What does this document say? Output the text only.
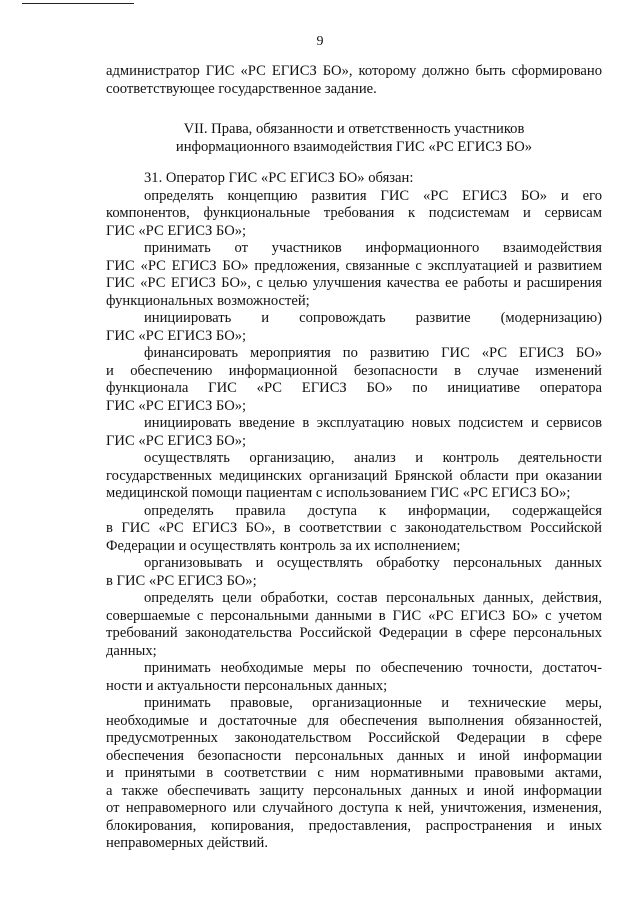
9
администратор ГИС «РС ЕГИСЗ БО», которому должно быть сформировано
соответствующее государственное задание.
VII. Права, обязанности и ответственность участников
информационного взаимодействия ГИС «РС ЕГИСЗ БО»
31. Оператор ГИС «РС ЕГИСЗ БО» обязан:
определять концепцию развития ГИС «РС ЕГИСЗ БО» и его
компонентов, функциональные требования к подсистемам и сервисам
ГИС «РС ЕГИСЗ БО»;
принимать от участников информационного взаимодействия
ГИС «РС ЕГИСЗ БО» предложения, связанные с эксплуатацией и развитием
ГИС «РС ЕГИСЗ БО», с целью улучшения качества ее работы и расширения
функциональных возможностей;
инициировать и сопровождать развитие (модернизацию)
ГИС «РС ЕГИСЗ БО»;
финансировать мероприятия по развитию ГИС «РС ЕГИСЗ БО»
и обеспечению информационной безопасности в случае изменений
функционала ГИС «РС ЕГИСЗ БО» по инициативе оператора
ГИС «РС ЕГИСЗ БО»;
инициировать введение в эксплуатацию новых подсистем и сервисов
ГИС «РС ЕГИСЗ БО»;
осуществлять организацию, анализ и контроль деятельности
государственных медицинских организаций Брянской области при оказании
медицинской помощи пациентам с использованием ГИС «РС ЕГИСЗ БО»;
определять правила доступа к информации, содержащейся
в ГИС «РС ЕГИСЗ БО», в соответствии с законодательством Российской
Федерации и осуществлять контроль за их исполнением;
организовывать и осуществлять обработку персональных данных
в ГИС «РС ЕГИСЗ БО»;
определять цели обработки, состав персональных данных, действия,
совершаемые с персональными данными в ГИС «РС ЕГИСЗ БО» с учетом
требований законодательства Российской Федерации в сфере персональных
данных;
принимать необходимые меры по обеспечению точности, достаточ-
ности и актуальности персональных данных;
принимать правовые, организационные и технические меры,
необходимые и достаточные для обеспечения выполнения обязанностей,
предусмотренных законодательством Российской Федерации в сфере
обеспечения безопасности персональных данных и иной информации
и принятыми в соответствии с ним нормативными правовыми актами,
а также обеспечивать защиту персональных данных и иной информации
от неправомерного или случайного доступа к ней, уничтожения, изменения,
блокирования, копирования, предоставления, распространения и иных
неправомерных действий.
